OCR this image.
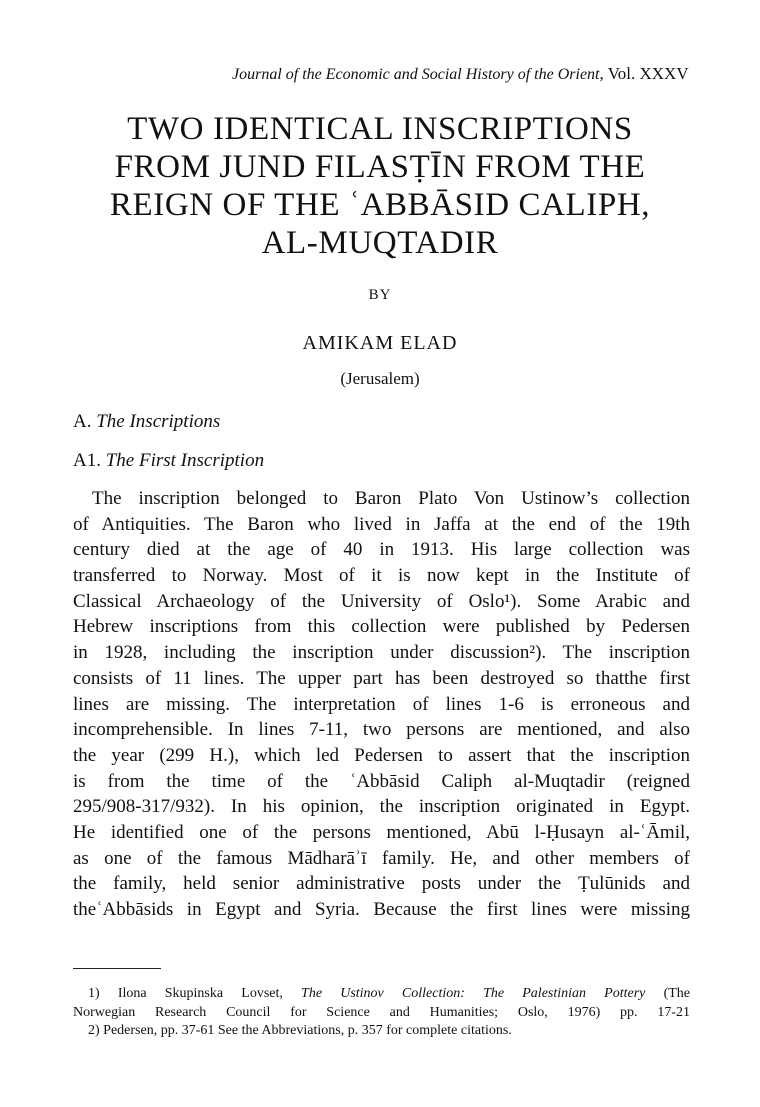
Journal of the Economic and Social History of the Orient, Vol. XXXV
TWO IDENTICAL INSCRIPTIONS
FROM JUND FILASṬĪN FROM THE
REIGN OF THE ʿABBĀSID CALIPH,
AL-MUQTADIR
BY
AMIKAM ELAD
(Jerusalem)
A. The Inscriptions
A1. The First Inscription
The inscription belonged to Baron Plato Von Ustinow’s collection
of Antiquities. The Baron who lived in Jaffa at the end of the 19th
century died at the age of 40 in 1913. His large collection was
transferred to Norway. Most of it is now kept in the Institute of
Classical Archaeology of the University of Oslo¹). Some Arabic and
Hebrew inscriptions from this collection were published by Pedersen
in 1928, including the inscription under discussion²). The inscription
consists of 11 lines. The upper part has been destroyed so thatthe first
lines are missing. The interpretation of lines 1-6 is erroneous and
incomprehensible. In lines 7-11, two persons are mentioned, and also
the year (299 H.), which led Pedersen to assert that the inscription
is from the time of the ʿAbbāsid Caliph al-Muqtadir (reigned
295/908-317/932). In his opinion, the inscription originated in Egypt.
He identified one of the persons mentioned, Abū l-Ḥusayn al-ʿĀmil,
as one of the famous Mādharāʾī family. He, and other members of
the family, held senior administrative posts under the Ṭulūnids and
theʿAbbāsids in Egypt and Syria. Because the first lines were missing
1) Ilona Skupinska Lovset, The Ustinov Collection: The Palestinian Pottery (The
Norwegian Research Council for Science and Humanities; Oslo, 1976) pp. 17-21
2) Pedersen, pp. 37-61 See the Abbreviations, p. 357 for complete citations.
